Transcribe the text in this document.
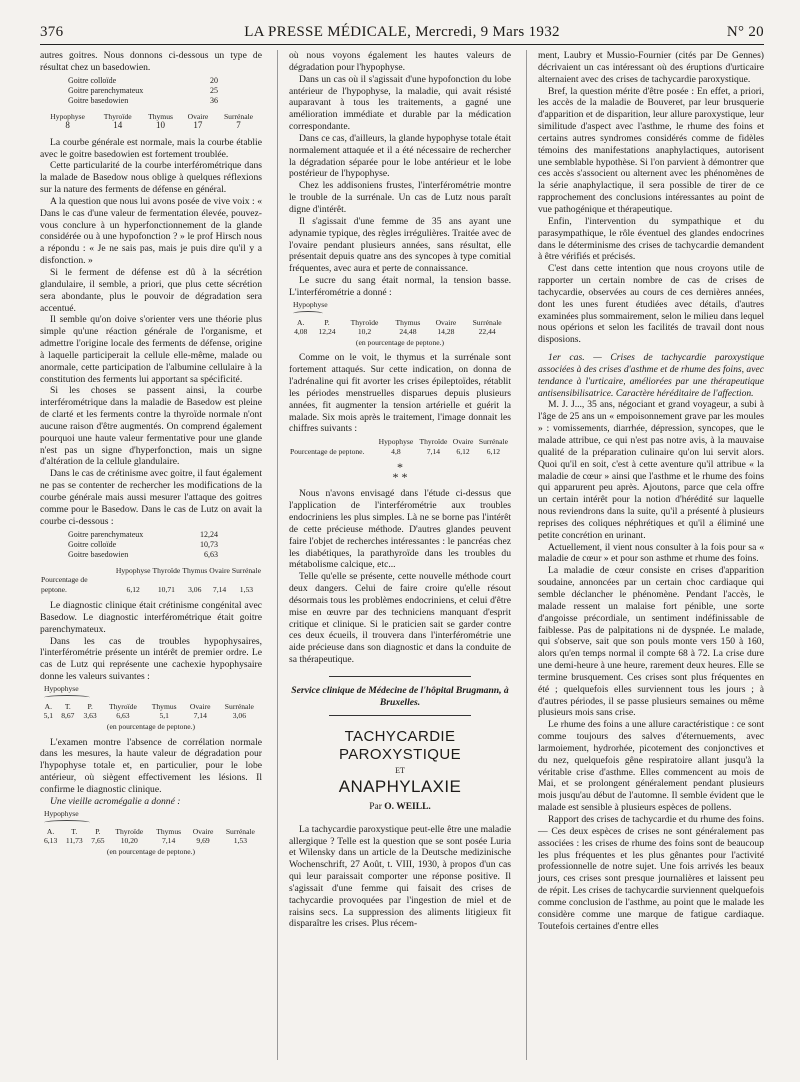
376	LA PRESSE MÉDICALE, Mercredi, 9 Mars 1932	N° 20

autres goitres. Nous donnons ci-dessous un type de résultat chez un basedowien.

Goitre colloïde	20
Goitre parenchymateux	25
Goitre basedowien	36
Hypophyse	Thyroïde	Thymus	Ovaire	Surrénale
8	14	10	17	7

La courbe générale est normale, mais la courbe établie avec le goitre basedowien est fortement troublée.

Cette particularité de la courbe interférométrique dans la malade de Basedow nous oblige à quelques réflexions sur la nature des ferments de défense en général.

A la question que nous lui avons posée de vive voix : « Dans le cas d'une valeur de fermentation élevée, pouvez-vous conclure à un hyperfonctionnement de la glande considérée ou à une hypofonction ? » le prof Hirsch nous a répondu : « Je ne sais pas, mais je puis dire qu'il y a disfonction. »

Si le ferment de défense est dû à la sécrétion glandulaire, il semble, a priori, que plus cette sécrétion sera abondante, plus le pouvoir de dégradation sera accentué.

Il semble qu'on doive s'orienter vers une théorie plus simple qu'une réaction générale de l'organisme, et admettre l'origine locale des ferments de défense, origine à laquelle participerait la cellule elle-même, malade ou anormale, cette participation de l'albumine cellulaire à la constitution des ferments lui apportant sa spécificité.

Si les choses se passent ainsi, la courbe interférométrique dans la maladie de Basedow est pleine de clarté et les ferments contre la thyroïde normale n'ont aucune raison d'être augmentés. On comprend également pourquoi une haute valeur fermentative pour une glande n'est pas un signe d'hyperfonction, mais un signe d'altération de la cellule glandulaire.

Dans le cas de crétinisme avec goitre, il faut également ne pas se contenter de rechercher les modifications de la courbe générale mais aussi mesurer l'attaque des goitres comme pour le Basedow. Dans le cas de Lutz on avait la courbe ci-dessous :

Goitre parenchymateux	12,24
Goitre colloïde	10,73
Goitre basedowien	6,63
	Hypophyse	Thyroïde	Thymus	Ovaire	Surrénale
Pourcentage de peptone.	6,12	10,71	3,06	7,14	1,53

Le diagnostic clinique était crétinisme congénital avec Basedow. Le diagnostic interférométrique était goitre parenchymateux.

Dans les cas de troubles hypophysaires, l'interférométrie présente un intérêt de premier ordre. Le cas de Lutz qui représente une cachexie hypophysaire donne les valeurs suivantes :

Hypophyse
A.	T.	P.	Thyroïde	Thymus	Ovaire	Surrénale
5,1	8,67	3,63	6,63	5,1	7,14	3,06
(en pourcentage de peptone.)

L'examen montre l'absence de corrélation normale dans les mesures, la haute valeur de dégradation pour l'hypophyse totale et, en particulier, pour le lobe antérieur, où siègent effectivement les lésions. Il confirme le diagnostic clinique.

Une vieille acromégalie a donné :

Hypophyse
A.	T.	P.	Thyroïde	Thymus	Ovaire	Surrénale
6,13	11,73	7,65	10,20	7,14	9,69	1,53
(en pourcentage de peptone.)

où nous voyons également les hautes valeurs de dégradation pour l'hypophyse.

Dans un cas où il s'agissait d'une hypofonction du lobe antérieur de l'hypophyse, la maladie, qui avait résisté auparavant à tous les traitements, a gagné une amélioration immédiate et durable par la médication correspondante.

Dans ce cas, d'ailleurs, la glande hypophyse totale était normalement attaquée et il a été nécessaire de rechercher la dégradation séparée pour le lobe antérieur et le lobe postérieur de l'hypophyse.

Chez les addisoniens frustes, l'interférométrie montre le trouble de la surrénale. Un cas de Lutz nous paraît digne d'intérêt.

Il s'agissait d'une femme de 35 ans ayant une adynamie typique, des règles irrégulières. Traitée avec de l'ovaire pendant plusieurs années, sans résultat, elle présentait depuis quatre ans des syncopes à type comitial fréquentes, avec aura et perte de connaissance.

Le sucre du sang était normal, la tension basse. L'interférométrie a donné :

Hypophyse
A.	P.	Thyroïde	Thymus	Ovaire	Surrénale
4,08	12,24	10,2	24,48	14,28	22,44
(en pourcentage de peptone.)

Comme on le voit, le thymus et la surrénale sont fortement attaqués. Sur cette indication, on donna de l'adrénaline qui fit avorter les crises épileptoïdes, rétablit les périodes menstruelles disparues depuis plusieurs années, fit augmenter la tension artérielle et guérit la malade. Six mois après le traitement, l'image donnait les chiffres suivants :

	Hypophyse	Thyroïde	Ovaire	Surrénale
Pourcentage de peptone.	4,8	7,14	6,12	6,12
*
* *

Nous n'avons envisagé dans l'étude ci-dessus que l'application de l'interférométrie aux troubles endocriniens les plus simples. Là ne se borne pas l'intérêt de cette précieuse méthode. D'autres glandes peuvent faire l'objet de recherches intéressantes : le pancréas chez les diabétiques, la parathyroïde dans les troubles du métabolisme calcique, etc...

Telle qu'elle se présente, cette nouvelle méthode court deux dangers. Celui de faire croire qu'elle résout désormais tous les problèmes endocriniens, et celui d'être mise en œuvre par des techniciens manquant d'esprit critique et clinique. Si le praticien sait se garder contre ces deux écueils, il trouvera dans l'interférométrie une aide précieuse dans son diagnostic et dans la conduite de sa thérapeutique.

Service clinique de Médecine de l'hôpital Brugmann, à Bruxelles.
TACHYCARDIE PAROXYSTIQUE
ET
ANAPHYLAXIE
Par O. WEILL.

La tachycardie paroxystique peut-elle être une maladie allergique ? Telle est la question que se sont posée Luria et Wilensky dans un article de la Deutsche medizinische Wochenschrift, 27 Août, t. VIII, 1930, à propos d'un cas qui leur paraissait comporter une réponse positive. Il s'agissait d'une femme qui faisait des crises de tachycardie provoquées par l'ingestion de miel et de raisins secs. La suppression des aliments litigieux fit disparaître les crises. Plus récem-

ment, Laubry et Mussio-Fournier (cités par De Gennes) décrivaient un cas intéressant où des éruptions d'urticaire alternaient avec des crises de tachycardie paroxystique.

Bref, la question mérite d'être posée : En effet, a priori, les accès de la maladie de Bouveret, par leur brusquerie d'apparition et de disparition, leur allure paroxystique, leur similitude d'aspect avec l'asthme, le rhume des foins et certains autres syndromes considérés comme de fidèles témoins des manifestations anaphylactiques, autorisent une semblable hypothèse. Si l'on parvient à démontrer que ces accès s'associent ou alternent avec les phénomènes de la série anaphylactique, il sera possible de tirer de ce rapprochement des conclusions intéressantes au point de vue pathogénique et thérapeutique.

Enfin, l'intervention du sympathique et du parasympathique, le rôle éventuel des glandes endocrines dans le déterminisme des crises de tachycardie demandent à être vérifiés et précisés.

C'est dans cette intention que nous croyons utile de rapporter un certain nombre de cas de crises de tachycardie, observées au cours de ces dernières années, dont les unes furent étudiées avec détails, d'autres examinées plus sommairement, selon le milieu dans lequel nous opérions et selon les facilités de travail dont nous disposions.

1er cas. — Crises de tachycardie paroxystique associées à des crises d'asthme et de rhume des foins, avec tendance à l'urticaire, améliorées par une thérapeutique antisensibilisatrice. Caractère héréditaire de l'affection.

M. J. J..., 35 ans, négociant et grand voyageur, a subi à l'âge de 25 ans un « empoisonnement grave par les moules » : vomissements, diarrhée, dépression, syncopes, que le malade attribue, ce qui n'est pas notre avis, à la mauvaise qualité de la préparation culinaire qu'on lui servit alors. Quoi qu'il en soit, c'est à cette aventure qu'il attribue « la maladie de cœur » ainsi que l'asthme et le rhume des foins qui apparurent peu après. Ajoutons, parce que cela offre un certain intérêt pour la notion d'hérédité sur laquelle nous reviendrons dans la suite, qu'il a présenté à plusieurs reprises des coliques néphrétiques et qu'il a éliminé une petite concrétion en urinant.

Actuellement, il vient nous consulter à la fois pour sa « maladie de cœur » et pour son asthme et rhume des foins.

La maladie de cœur consiste en crises d'apparition soudaine, annoncées par un certain choc cardiaque qui semble déclancher le phénomène. Pendant l'accès, le malade ressent un malaise fort pénible, une sorte d'angoisse précordiale, un sentiment indéfinissable de faiblesse. Pas de palpitations ni de dyspnée. Le malade, qui s'observe, sait que son pouls monte vers 150 à 160, alors qu'en temps normal il compte 68 à 72. La crise dure une demi-heure à une heure, rarement deux heures. Elle se termine brusquement. Ces crises sont plus fréquentes en été ; quelquefois elles surviennent tous les jours ; à d'autres périodes, il se passe plusieurs semaines ou même plusieurs mois sans crise.

Le rhume des foins a une allure caractéristique : ce sont comme toujours des salves d'éternuements, avec larmoiement, hydrorhée, picotement des conjonctives et du nez, quelquefois gêne respiratoire allant jusqu'à la véritable crise d'asthme. Elles commencent au mois de Mai, et se prolongent généralement pendant plusieurs mois jusqu'au début de l'automne. Il semble évident que le malade est sensible à plusieurs espèces de pollens.

Rapport des crises de tachycardie et du rhume des foins. — Ces deux espèces de crises ne sont généralement pas associées : les crises de rhume des foins sont de beaucoup les plus fréquentes et les plus gênantes pour l'activité professionnelle de notre sujet. Une fois arrivés les beaux jours, ces crises sont presque journalières et laissent peu de répit. Les crises de tachycardie surviennent quelquefois comme conclusion de l'asthme, au point que le malade les considère comme une marque de fatigue cardiaque. Toutefois certaines d'entre elles
